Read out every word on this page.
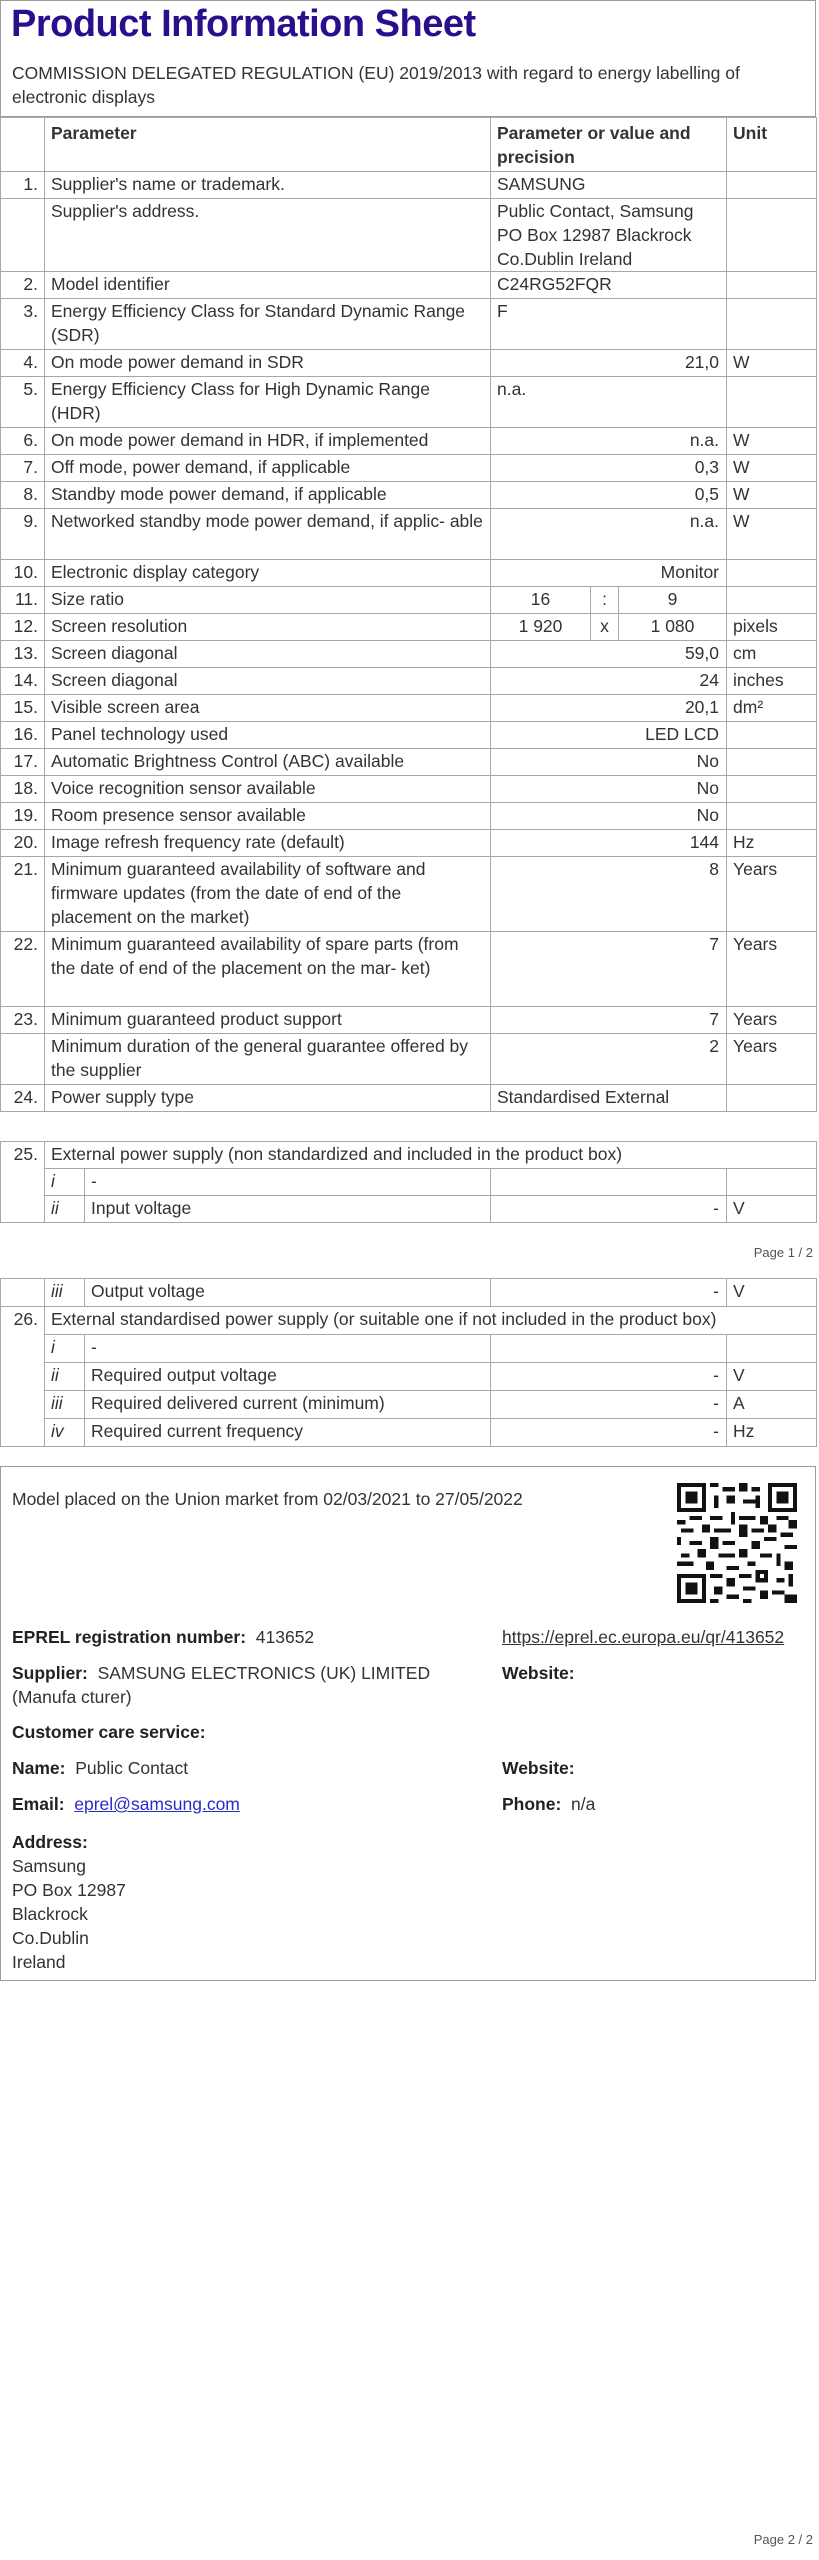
Product Information Sheet

COMMISSION DELEGATED REGULATION (EU) 2019/2013 with regard to energy labelling of electronic displays

	Parameter	Parameter or value and precision			Unit
1.	Supplier's name or trademark.	SAMSUNG			
	Supplier's address.	Public Contact, Samsung PO Box 12987 Blackrock Co.Dublin Ireland			
2.	Model identifier	C24RG52FQR			
3.	Energy Efficiency Class for Standard Dynamic Range (SDR)	F			
4.	On mode power demand in SDR	21,0			W
5.	Energy Efficiency Class for High Dynamic Range (HDR)	n.a.			
6.	On mode power demand in HDR, if implemented	n.a.			W
7.	Off mode, power demand, if applicable	0,3			W
8.	Standby mode power demand, if applicable	0,5			W
9.	Networked standby mode power demand, if applic- able	n.a.			W
10.	Electronic display category	Monitor			
11.	Size ratio	16	:	9	
12.	Screen resolution	1 920	x	1 080	pixels
13.	Screen diagonal	59,0			cm
14.	Screen diagonal	24			inches
15.	Visible screen area	20,1			dm²
16.	Panel technology used	LED LCD			
17.	Automatic Brightness Control (ABC) available	No			
18.	Voice recognition sensor available	No			
19.	Room presence sensor available	No			
20.	Image refresh frequency rate (default)	144			Hz
21.	Minimum guaranteed availability of software and firmware updates (from the date of end of the placement on the market)	8			Years
22.	Minimum guaranteed availability of spare parts (from the date of end of the placement on the mar- ket)	7			Years
23.	Minimum guaranteed product support	7			Years
	Minimum duration of the general guarantee offered by the supplier	2			Years
24.	Power supply type	Standardised External			
25.	External power supply (non standardized and included in the product box)			
	i	-		
	ii	Input voltage	-	V
Page 1 / 2
	iii	Output voltage	-	V
26.	External standardised power supply (or suitable one if not included in the product box)			
	i	-		
	ii	Required output voltage	-	V
	iii	Required delivered current (minimum)	-	A
	iv	Required current frequency	-	Hz
Model placed on the Union market from 02/03/2021 to 27/05/2022
EPREL registration number: 413652	https://eprel.ec.europa.eu/qr/413652
Supplier: SAMSUNG ELECTRONICS (UK) LIMITED (Manufa cturer)
Website:
Customer care service:
Name: Public Contact	Website:
Email: eprel@samsung.com	Phone: n/a
Address:
Samsung
PO Box 12987
Blackrock
Co.Dublin
Ireland
Page 2 / 2
